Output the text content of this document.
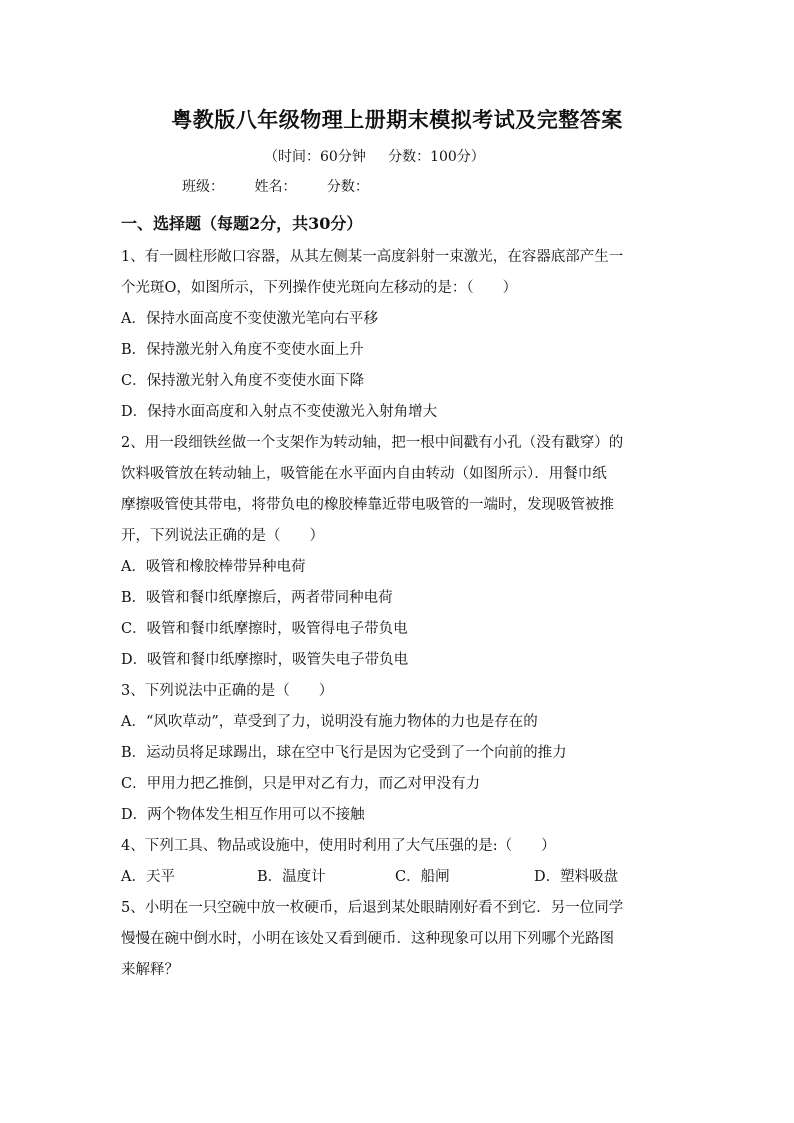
粤教版八年级物理上册期末模拟考试及完整答案
（时间：60分钟     分数：100分）
班级： 姓名： 分数：
一、选择题（每题2分，共30分）
1、有一圆柱形敞口容器，从其左侧某一高度斜射一束激光，在容器底部产生一
个光斑O，如图所示，下列操作使光斑向左移动的是：（　　）
A．保持水面高度不变使激光笔向右平移
B．保持激光射入角度不变使水面上升
C．保持激光射入角度不变使水面下降
D．保持水面高度和入射点不变使激光入射角增大
2、用一段细铁丝做一个支架作为转动轴，把一根中间戳有小孔（没有戳穿）的
饮料吸管放在转动轴上，吸管能在水平面内自由转动（如图所示）．用餐巾纸
摩擦吸管使其带电，将带负电的橡胶棒靠近带电吸管的一端时，发现吸管被推
开，下列说法正确的是（　　）
A．吸管和橡胶棒带异种电荷
B．吸管和餐巾纸摩擦后，两者带同种电荷
C．吸管和餐巾纸摩擦时，吸管得电子带负电
D．吸管和餐巾纸摩擦时，吸管失电子带负电
3、下列说法中正确的是（　　）
A．“风吹草动”，草受到了力，说明没有施力物体的力也是存在的
B．运动员将足球踢出，球在空中飞行是因为它受到了一个向前的推力
C．甲用力把乙推倒，只是甲对乙有力，而乙对甲没有力
D．两个物体发生相互作用可以不接触
4、下列工具、物品或设施中，使用时利用了大气压强的是:（　　）
A．天平	B．温度计	C．船闸	D．塑料吸盘
5、小明在一只空碗中放一枚硬币，后退到某处眼睛刚好看不到它．另一位同学
慢慢在碗中倒水时，小明在该处又看到硬币．这种现象可以用下列哪个光路图
来解释？
